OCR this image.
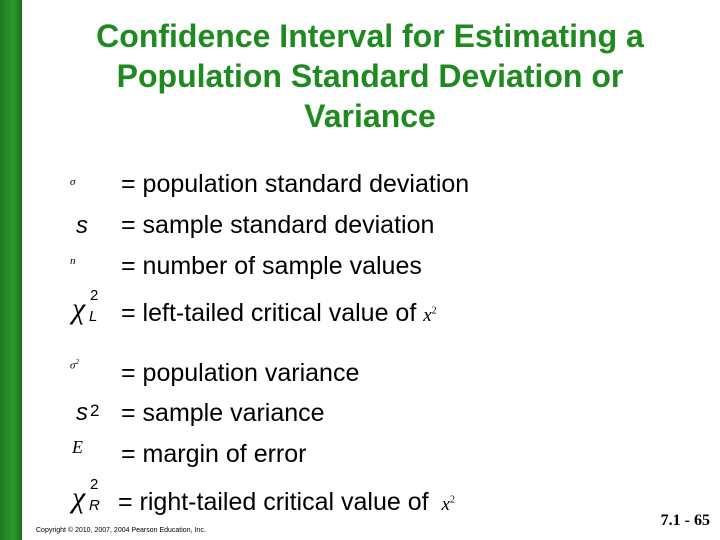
Confidence Interval for Estimating a
Population Standard Deviation or
Variance
σ = population standard deviation
s = sample standard deviation
n = number of sample values
χ 2
L = left-tailed critical value of $x^2$
$\sigma^2$ = population variance
s 2 = sample variance
E = margin of error
χ 2
R = right-tailed critical value of $x^2$
Copyright © 2010, 2007, 2004 Pearson Education, Inc.
7.1 - 65
